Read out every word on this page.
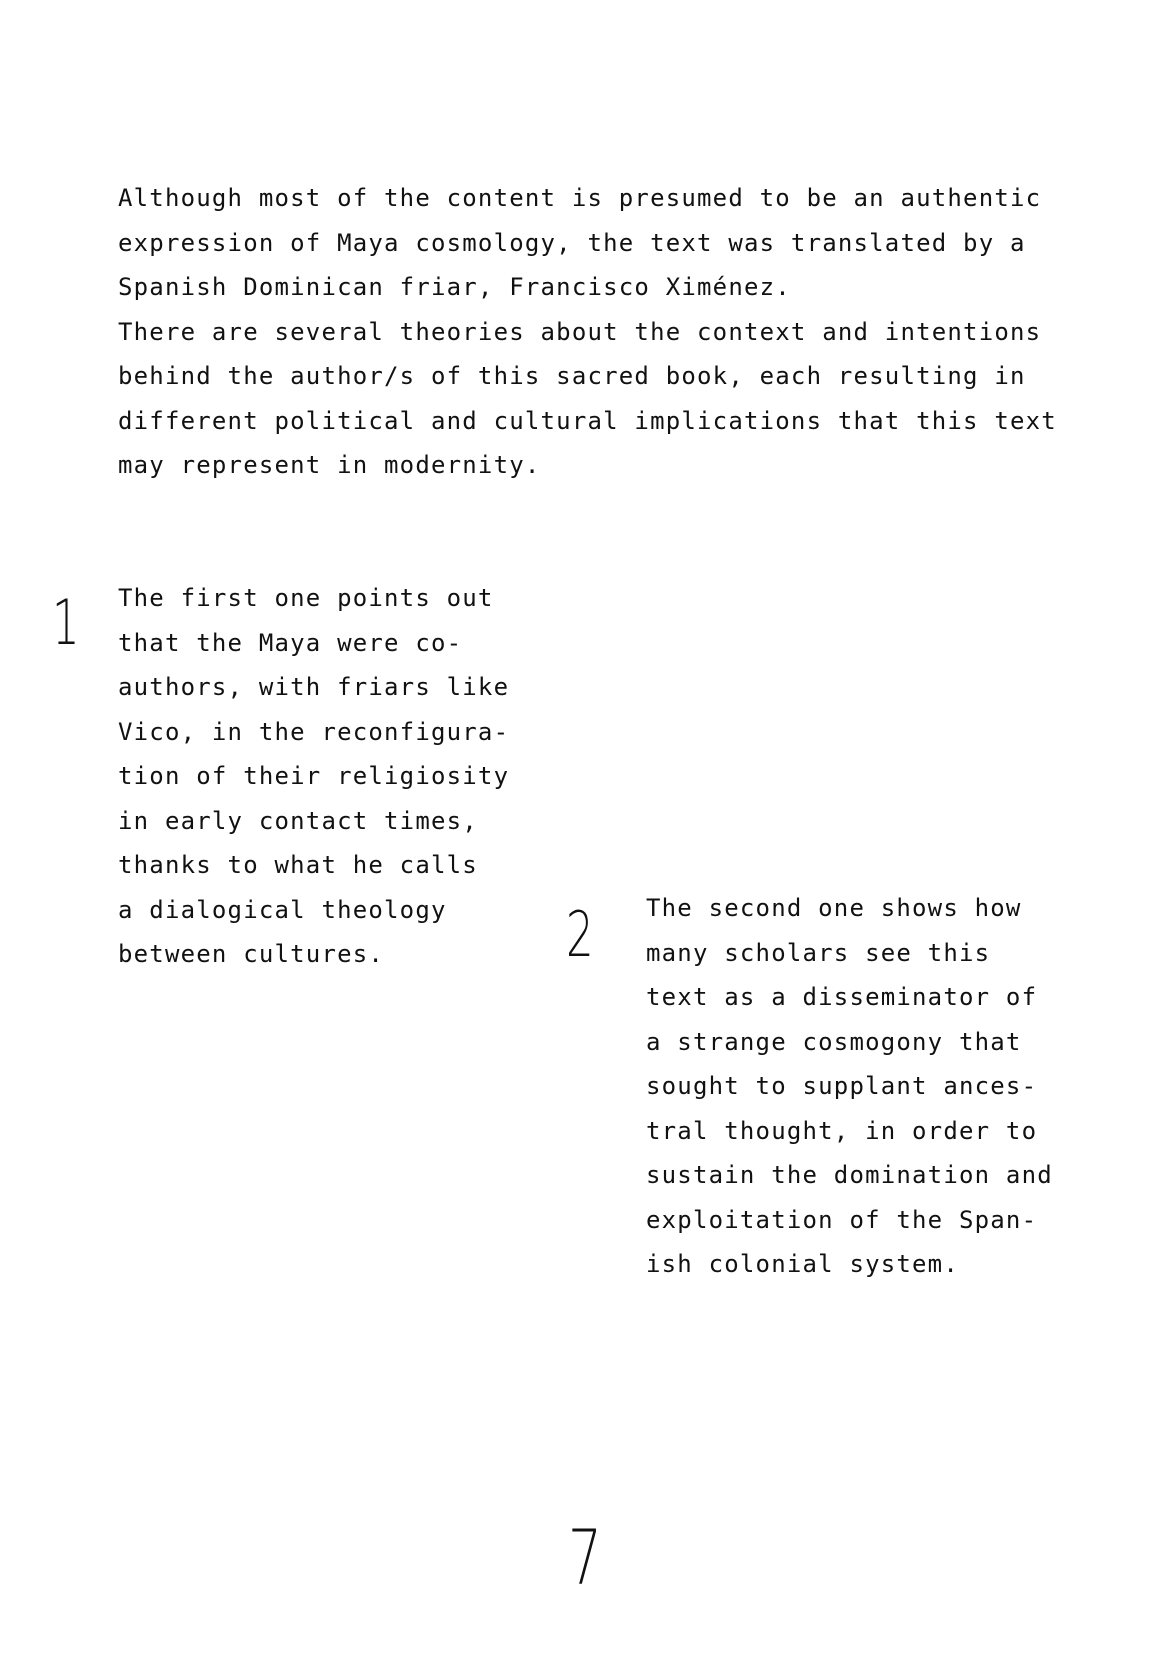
Although most of the content is presumed to be an authentic
expression of Maya cosmology, the text was translated by a
Spanish Dominican friar, Francisco Ximénez.
There are several theories about the context and intentions
behind the author/s of this sacred book, each resulting in
different political and cultural implications that this text
may represent in modernity.

1 The first one points out
that the Maya were co-
authors, with friars like
Vico, in the reconfigura-
tion of their religiosity
in early contact times,
thanks to what he calls
a dialogical theology
between cultures.	2 The second one shows how
many scholars see this
text as a disseminator of
a strange cosmogony that
sought to supplant ances-
tral thought, in order to
sustain the domination and
exploitation of the Span-
ish colonial system.

7
